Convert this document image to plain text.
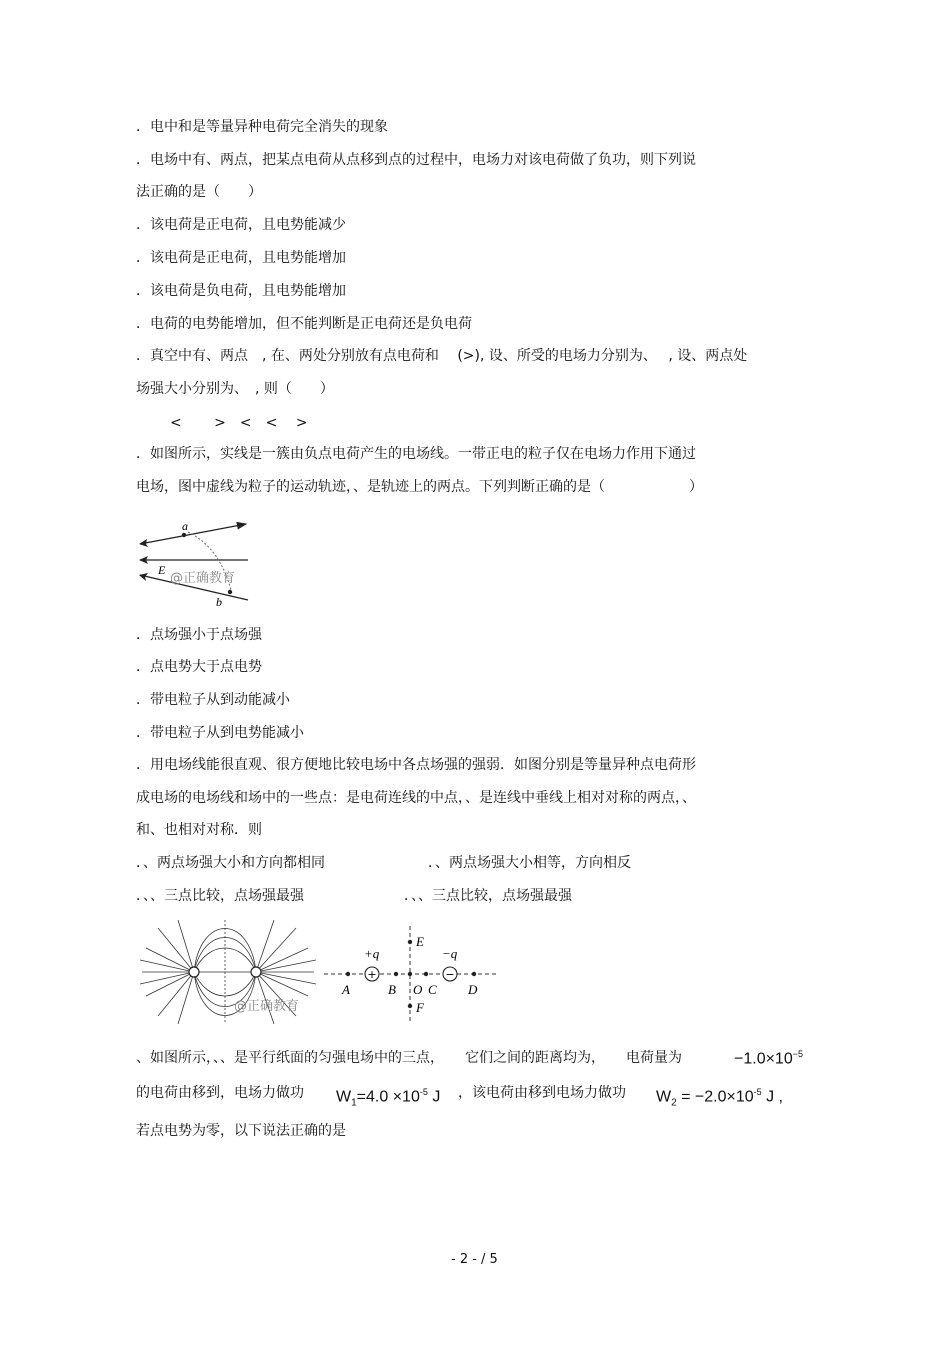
．电中和是等量异种电荷完全消失的现象
．电场中有、两点，把某点电荷从点移到点的过程中，电场力对该电荷做了负功，则下列说
法正确的是（　　）
．该电荷是正电荷，且电势能减少
．该电荷是正电荷，且电势能增加
．该电荷是负电荷，且电势能增加
．电荷的电势能增加，但不能判断是正电荷还是负电荷
．真空中有、两点　, 在、两处分别放有点电荷和　 (>), 设、所受的电场力分别为、　 , 设、两点处
场强大小分别为、　, 则（　　）
<　　 >　<　<　 >
．如图所示，实线是一簇由负点电荷产生的电场线。一带正电的粒子仅在电场力作用下通过
电场，图中虚线为粒子的运动轨迹，、是轨迹上的两点。下列判断正确的是（　　　　　　）
a
b
E
@正确教育
．点场强小于点场强
．点电势大于点电势
．带电粒子从到动能减小
．带电粒子从到电势能减小
．用电场线能很直观、很方便地比较电场中各点场强的强弱．如图分别是等量异种点电荷形
成电场的电场线和场中的一些点：是电荷连线的中点，、是连线中垂线上相对对称的两点，、
和、也相对对称．则
．、两点场强大小和方向都相同	．、两点场强大小相等，方向相反
．、、三点比较，点场强最强	．、、三点比较，点场强最强
@正确教育
+	−
+q	−q
A	B O C D
E
F
、如图所示，、、是平行纸面的匀强电场中的三点，　　它们之间的距离均为，　　电荷量为	$-1.0\times 10^{-5}$
的电荷由移到，电场力做功 $W_1=4.0 \times 10^{-5}$ J ，该电荷由移到电场力做功 $W_2 = -2.0\times 10^{-5}$ J ,
若点电势为零，以下说法正确的是
- 2 - / 5
